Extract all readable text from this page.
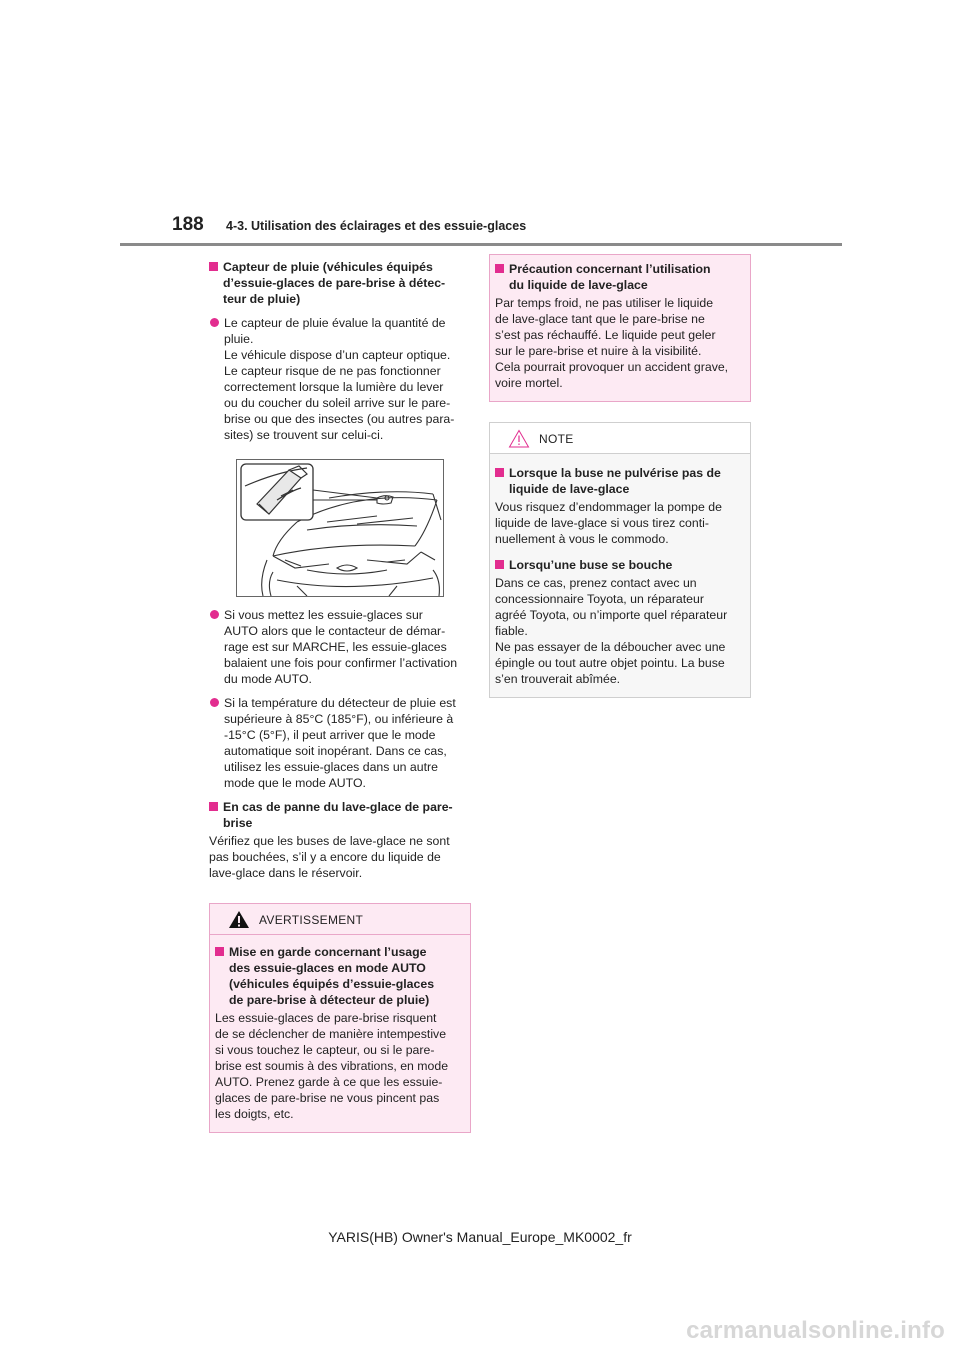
188 4-3. Utilisation des éclairages et des essuie-glaces
Capteur de pluie (véhicules équipés
d’essuie-glaces de pare-brise à détec-
teur de pluie)
Le capteur de pluie évalue la quantité de
pluie.
Le véhicule dispose d’un capteur optique.
Le capteur risque de ne pas fonctionner
correctement lorsque la lumière du lever
ou du coucher du soleil arrive sur le pare-
brise ou que des insectes (ou autres para-
sites) se trouvent sur celui-ci.
Si vous mettez les essuie-glaces sur
AUTO alors que le contacteur de démar-
rage est sur MARCHE, les essuie-glaces
balaient une fois pour confirmer l’activation
du mode AUTO.
Si la température du détecteur de pluie est
supérieure à 85°C (185°F), ou inférieure à
-15°C (5°F), il peut arriver que le mode
automatique soit inopérant. Dans ce cas,
utilisez les essuie-glaces dans un autre
mode que le mode AUTO.
En cas de panne du lave-glace de pare-
brise
Vérifiez que les buses de lave-glace ne sont
pas bouchées, s’il y a encore du liquide de
lave-glace dans le réservoir.
AVERTISSEMENT
Mise en garde concernant l’usage
des essuie-glaces en mode AUTO
(véhicules équipés d’essuie-glaces
de pare-brise à détecteur de pluie)
Les essuie-glaces de pare-brise risquent
de se déclencher de manière intempestive
si vous touchez le capteur, ou si le pare-
brise est soumis à des vibrations, en mode
AUTO. Prenez garde à ce que les essuie-
glaces de pare-brise ne vous pincent pas
les doigts, etc.
Précaution concernant l’utilisation
du liquide de lave-glace
Par temps froid, ne pas utiliser le liquide
de lave-glace tant que le pare-brise ne
s’est pas réchauffé. Le liquide peut geler
sur le pare-brise et nuire à la visibilité.
Cela pourrait provoquer un accident grave,
voire mortel.
NOTE
Lorsque la buse ne pulvérise pas de
liquide de lave-glace
Vous risquez d’endommager la pompe de
liquide de lave-glace si vous tirez conti-
nuellement à vous le commodo.
Lorsqu’une buse se bouche
Dans ce cas, prenez contact avec un
concessionnaire Toyota, un réparateur
agréé Toyota, ou n’importe quel réparateur
fiable.
Ne pas essayer de la déboucher avec une
épingle ou tout autre objet pointu. La buse
s’en trouverait abîmée.
YARIS(HB) Owner's Manual_Europe_MK0002_fr
carmanualsonline.info
